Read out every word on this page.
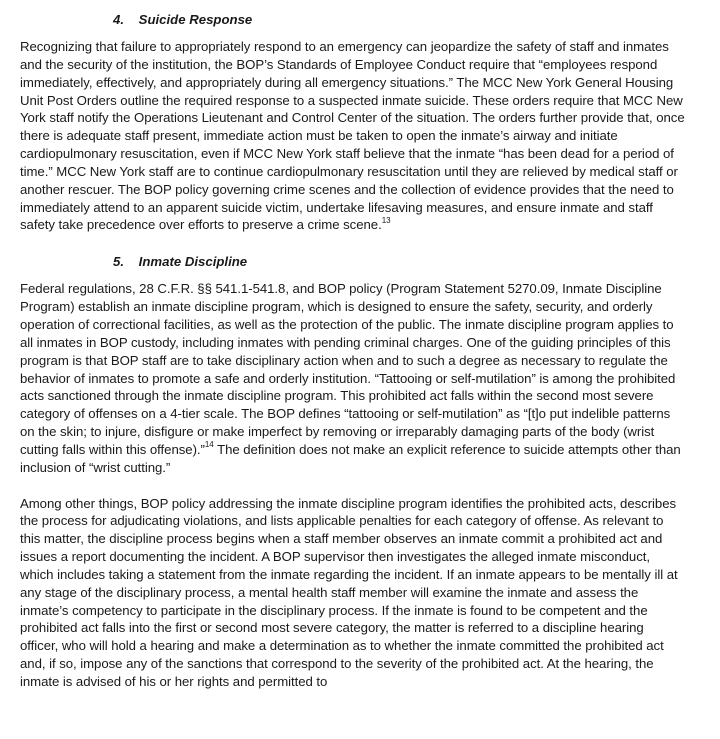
4. Suicide Response

Recognizing that failure to appropriately respond to an emergency can jeopardize the safety of staff and inmates and the security of the institution, the BOP’s Standards of Employee Conduct require that “employees respond immediately, effectively, and appropriately during all emergency situations.” The MCC New York General Housing Unit Post Orders outline the required response to a suspected inmate suicide. These orders require that MCC New York staff notify the Operations Lieutenant and Control Center of the situation. The orders further provide that, once there is adequate staff present, immediate action must be taken to open the inmate’s airway and initiate cardiopulmonary resuscitation, even if MCC New York staff believe that the inmate “has been dead for a period of time.” MCC New York staff are to continue cardiopulmonary resuscitation until they are relieved by medical staff or another rescuer. The BOP policy governing crime scenes and the collection of evidence provides that the need to immediately attend to an apparent suicide victim, undertake lifesaving measures, and ensure inmate and staff safety take precedence over efforts to preserve a crime scene.$^{13}$

5. Inmate Discipline

Federal regulations, 28 C.F.R. §§ 541.1-541.8, and BOP policy (Program Statement 5270.09, Inmate Discipline Program) establish an inmate discipline program, which is designed to ensure the safety, security, and orderly operation of correctional facilities, as well as the protection of the public. The inmate discipline program applies to all inmates in BOP custody, including inmates with pending criminal charges. One of the guiding principles of this program is that BOP staff are to take disciplinary action when and to such a degree as necessary to regulate the behavior of inmates to promote a safe and orderly institution. “Tattooing or self-mutilation” is among the prohibited acts sanctioned through the inmate discipline program. This prohibited act falls within the second most severe category of offenses on a 4-tier scale. The BOP defines “tattooing or self-mutilation” as “[t]o put indelible patterns on the skin; to injure, disfigure or make imperfect by removing or irreparably damaging parts of the body (wrist cutting falls within this offense).”$^{14}$ The definition does not make an explicit reference to suicide attempts other than inclusion of “wrist cutting.”

Among other things, BOP policy addressing the inmate discipline program identifies the prohibited acts, describes the process for adjudicating violations, and lists applicable penalties for each category of offense. As relevant to this matter, the discipline process begins when a staff member observes an inmate commit a prohibited act and issues a report documenting the incident. A BOP supervisor then investigates the alleged inmate misconduct, which includes taking a statement from the inmate regarding the incident. If an inmate appears to be mentally ill at any stage of the disciplinary process, a mental health staff member will examine the inmate and assess the inmate’s competency to participate in the disciplinary process. If the inmate is found to be competent and the prohibited act falls into the first or second most severe category, the matter is referred to a discipline hearing officer, who will hold a hearing and make a determination as to whether the inmate committed the prohibited act and, if so, impose any of the sanctions that correspond to the severity of the prohibited act. At the hearing, the inmate is advised of his or her rights and permitted to
